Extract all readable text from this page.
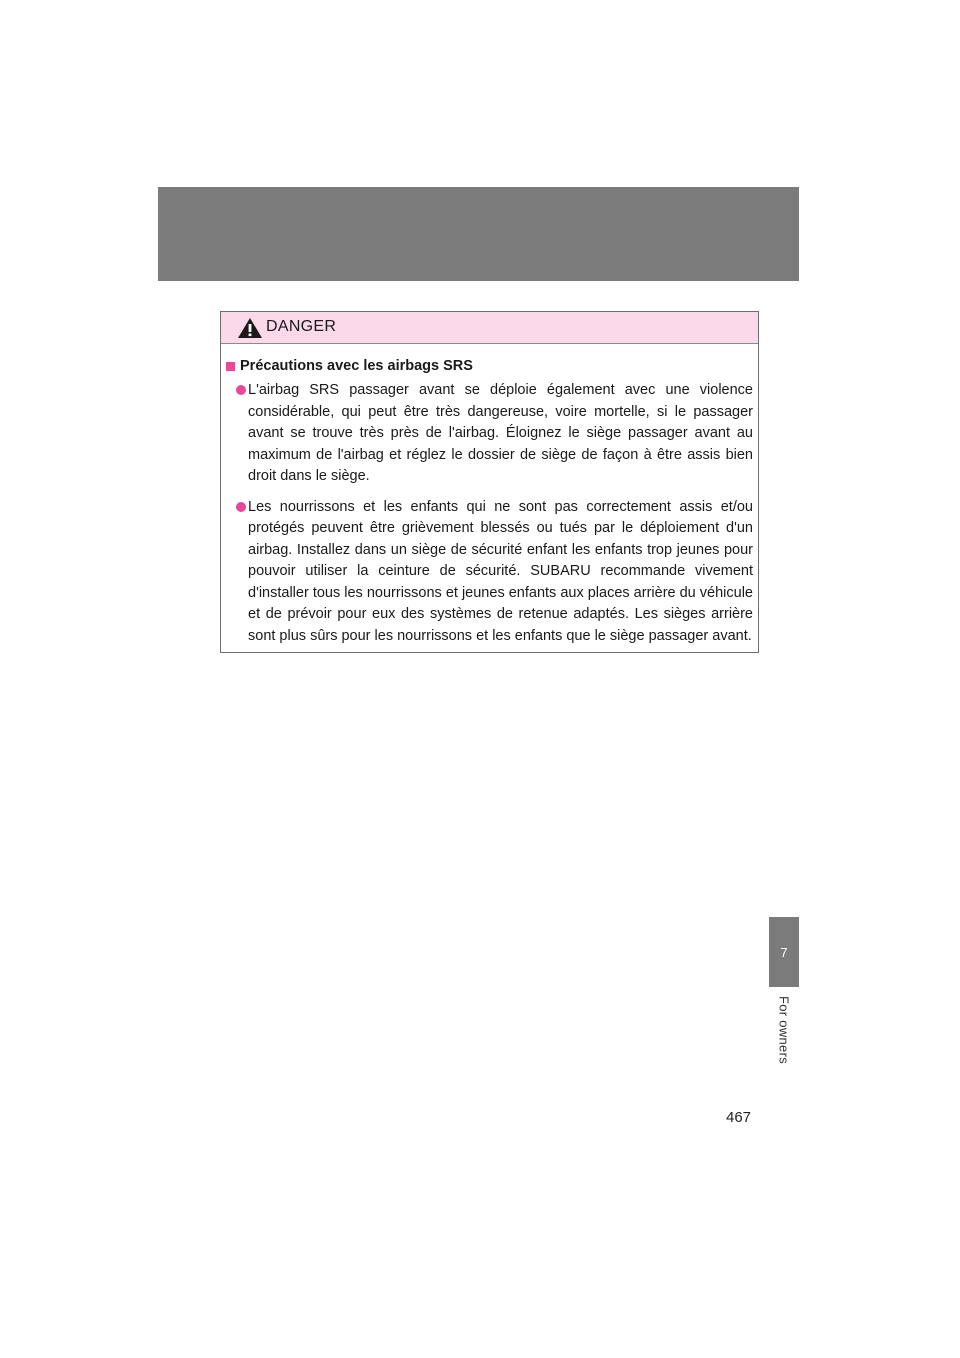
DANGER

Précautions avec les airbags SRS

L'airbag SRS passager avant se déploie également avec une violence considérable, qui peut être très dangereuse, voire mortelle, si le passager avant se trouve très près de l'airbag. Éloignez le siège passager avant au maximum de l'airbag et réglez le dossier de siège de façon à être assis bien droit dans le siège.

Les nourrissons et les enfants qui ne sont pas correctement assis et/ou protégés peuvent être grièvement blessés ou tués par le déploiement d'un airbag. Installez dans un siège de sécurité enfant les enfants trop jeunes pour pouvoir utiliser la ceinture de sécurité. SUBARU recommande vivement d'installer tous les nourrissons et jeunes enfants aux places arrière du véhicule et de prévoir pour eux des systèmes de retenue adaptés. Les sièges arrière sont plus sûrs pour les nourrissons et les enfants que le siège passager avant.

7
For owners
467
